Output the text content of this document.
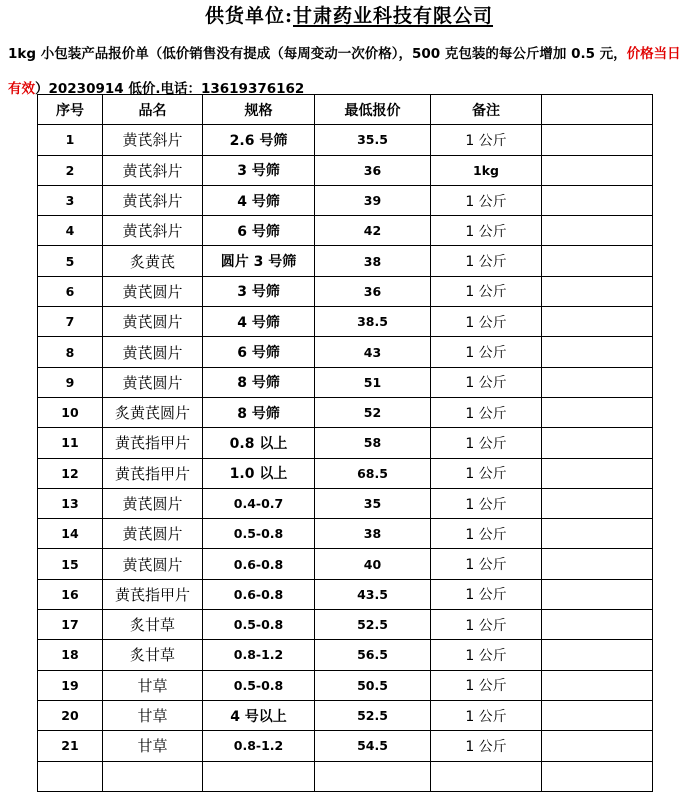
供货单位:甘肃药业科技有限公司
1kg 小包装产品报价单（低价销售没有提成（每周变动一次价格），500 克包装的每公斤增加 0.5 元，价格当日有效）20230914 低价.电话：13619376162
序号	品名	规格	最低报价	备注	
1	黄芪斜片	2.6 号筛	35.5	1 公斤	
2	黄芪斜片	3 号筛	36	1kg	
3	黄芪斜片	4 号筛	39	1 公斤	
4	黄芪斜片	6 号筛	42	1 公斤	
5	炙黄芪	圆片 3 号筛	38	1 公斤	
6	黄芪圆片	3 号筛	36	1 公斤	
7	黄芪圆片	4 号筛	38.5	1 公斤	
8	黄芪圆片	6 号筛	43	1 公斤	
9	黄芪圆片	8 号筛	51	1 公斤	
10	炙黄芪圆片	8 号筛	52	1 公斤	
11	黄芪指甲片	0.8 以上	58	1 公斤	
12	黄芪指甲片	1.0 以上	68.5	1 公斤	
13	黄芪圆片	0.4-0.7	35	1 公斤	
14	黄芪圆片	0.5-0.8	38	1 公斤	
15	黄芪圆片	0.6-0.8	40	1 公斤	
16	黄芪指甲片	0.6-0.8	43.5	1 公斤	
17	炙甘草	0.5-0.8	52.5	1 公斤	
18	炙甘草	0.8-1.2	56.5	1 公斤	
19	甘草	0.5-0.8	50.5	1 公斤	
20	甘草	4 号以上	52.5	1 公斤	
21	甘草	0.8-1.2	54.5	1 公斤	
